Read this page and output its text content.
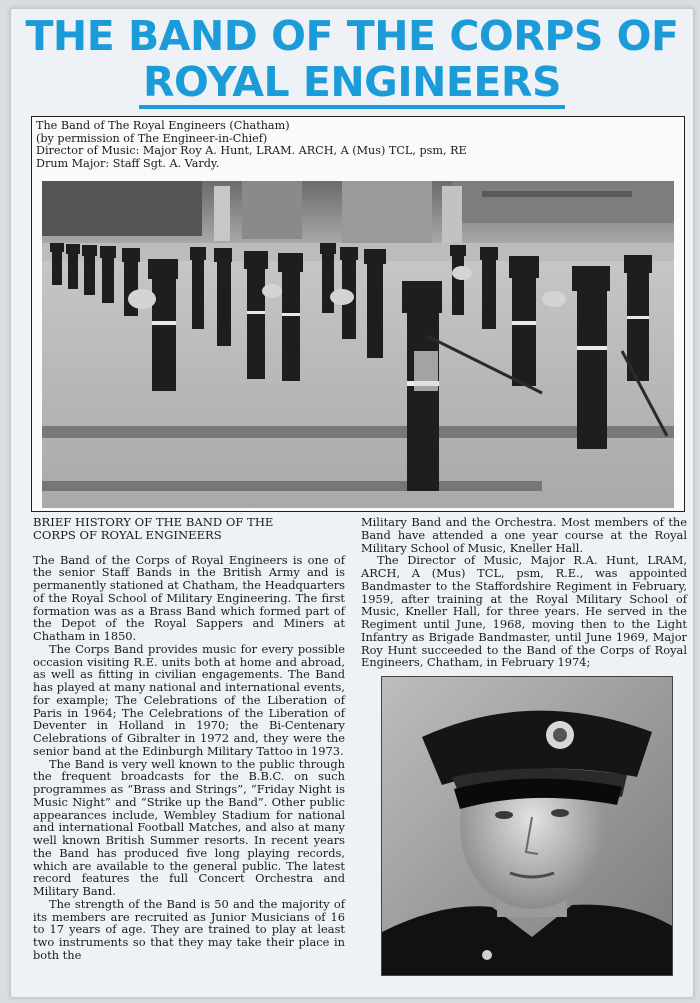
THE BAND OF THE CORPS OF
ROYAL ENGINEERS
The Band of The Royal Engineers (Chatham)
(by permission of The Engineer-in-Chief)
Director of Music: Major Roy A. Hunt, LRAM. ARCH, A (Mus) TCL, psm, RE
Drum Major: Staff Sgt. A. Vardy.
BRIEF HISTORY OF THE BAND OF THE
CORPS OF ROYAL ENGINEERS

The Band of the Corps of Royal Engineers is one of the senior Staff Bands in the British Army and is permanently stationed at Chatham, the Headquarters of the Royal School of Military Engineering. The first formation was as a Brass Band which formed part of the Depot of the Royal Sappers and Miners at Chatham in 1850.

The Corps Band provides music for every possible occasion visiting R.E. units both at home and abroad, as well as fitting in civilian engagements. The Band has played at many national and international events, for example; The Celebrations of the Liberation of Paris in 1964; The Celebrations of the Liberation of Deventer in Holland in 1970; the Bi-Centenary Celebrations of Gibralter in 1972 and, they were the senior band at the Edinburgh Military Tattoo in 1973.

The Band is very well known to the public through the frequent broadcasts for the B.B.C. on such programmes as “Brass and Strings”, “Friday Night is Music Night” and “Strike up the Band”. Other public appearances include, Wembley Stadium for national and international Football Matches, and also at many well known British Summer resorts. In recent years the Band has produced five long playing records, which are available to the general public. The latest record features the full Concert Orchestra and Military Band.

The strength of the Band is 50 and the majority of its members are recruited as Junior Musicians of 16 to 17 years of age. They are trained to play at least two instruments so that they may take their place in both the

Military Band and the Orchestra. Most members of the Band have attended a one year course at the Royal Military School of Music, Kneller Hall.

The Director of Music, Major R.A. Hunt, LRAM, ARCH, A (Mus) TCL, psm, R.E., was appointed Bandmaster to the Staffordshire Regiment in February, 1959, after training at the Royal Military School of Music, Kneller Hall, for three years. He served in the Regiment until June, 1968, moving then to the Light Infantry as Brigade Bandmaster, until June 1969, Major Roy Hunt succeeded to the Band of the Corps of Royal Engineers, Chatham, in February 1974;
